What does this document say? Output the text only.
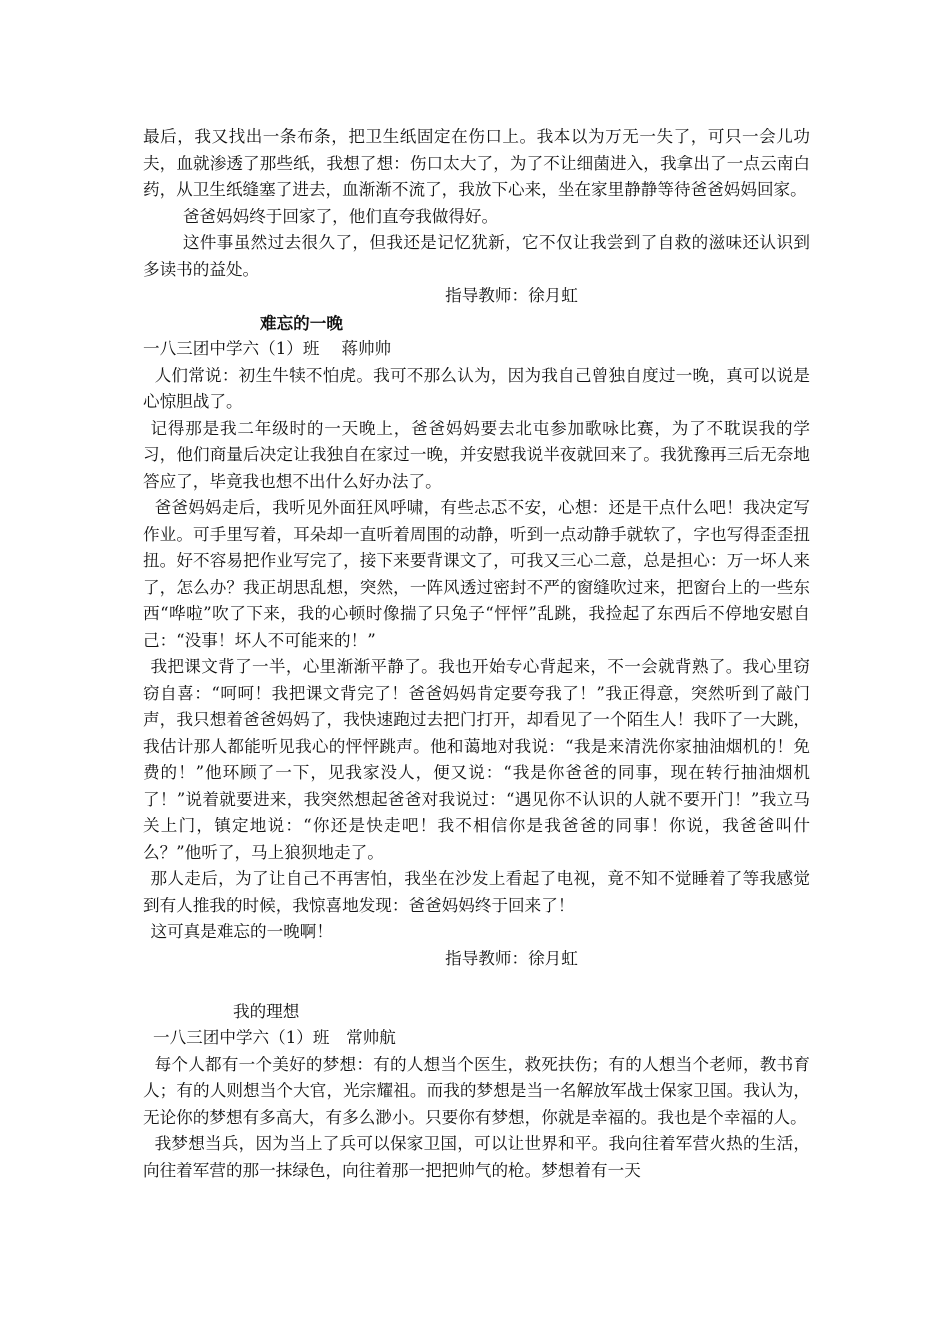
最后，我又找出一条布条，把卫生纸固定在伤口上。我本以为万无一失了，可只一会儿功夫，血就渗透了那些纸，我想了想：伤口太大了，为了不让细菌进入，我拿出了一点云南白药，从卫生纸缝塞了进去，血渐渐不流了，我放下心来，坐在家里静静等待爸爸妈妈回家。

爸爸妈妈终于回家了，他们直夸我做得好。

这件事虽然过去很久了，但我还是记忆犹新，它不仅让我尝到了自救的滋味还认识到多读书的益处。

指导教师：徐月虹

难忘的一晚

一八三团中学六（1）班　 蒋帅帅

人们常说：初生牛犊不怕虎。我可不那么认为，因为我自己曾独自度过一晚，真可以说是心惊胆战了。

记得那是我二年级时的一天晚上，爸爸妈妈要去北屯参加歌咏比赛，为了不耽误我的学习，他们商量后决定让我独自在家过一晚，并安慰我说半夜就回来了。我犹豫再三后无奈地答应了，毕竟我也想不出什么好办法了。

爸爸妈妈走后，我听见外面狂风呼啸，有些忐忑不安，心想：还是干点什么吧！我决定写作业。可手里写着，耳朵却一直听着周围的动静，听到一点动静手就软了，字也写得歪歪扭扭。好不容易把作业写完了，接下来要背课文了，可我又三心二意，总是担心：万一坏人来了，怎么办？我正胡思乱想，突然，一阵风透过密封不严的窗缝吹过来，把窗台上的一些东西“哗啦”吹了下来，我的心顿时像揣了只兔子“怦怦”乱跳，我捡起了东西后不停地安慰自己：“没事！坏人不可能来的！”

我把课文背了一半，心里渐渐平静了。我也开始专心背起来，不一会就背熟了。我心里窃窃自喜：“呵呵！我把课文背完了！爸爸妈妈肯定要夸我了！”我正得意，突然听到了敲门声，我只想着爸爸妈妈了，我快速跑过去把门打开，却看见了一个陌生人！我吓了一大跳，我估计那人都能听见我心的怦怦跳声。他和蔼地对我说：“我是来清洗你家抽油烟机的！免费的！”他环顾了一下，见我家没人，便又说：“我是你爸爸的同事，现在转行抽油烟机了！”说着就要进来，我突然想起爸爸对我说过：“遇见你不认识的人就不要开门！”我立马关上门，镇定地说：“你还是快走吧！我不相信你是我爸爸的同事！你说，我爸爸叫什么？”他听了，马上狼狈地走了。

那人走后，为了让自己不再害怕，我坐在沙发上看起了电视，竟不知不觉睡着了等我感觉到有人推我的时候，我惊喜地发现：爸爸妈妈终于回来了！

这可真是难忘的一晚啊！

指导教师：徐月虹

我的理想

一八三团中学六（1）班　常帅航

每个人都有一个美好的梦想：有的人想当个医生，救死扶伤；有的人想当个老师，教书育人；有的人则想当个大官，光宗耀祖。而我的梦想是当一名解放军战士保家卫国。我认为，无论你的梦想有多高大，有多么渺小。只要你有梦想，你就是幸福的。我也是个幸福的人。

我梦想当兵，因为当上了兵可以保家卫国，可以让世界和平。我向往着军营火热的生活，向往着军营的那一抹绿色，向往着那一把把帅气的枪。梦想着有一天
